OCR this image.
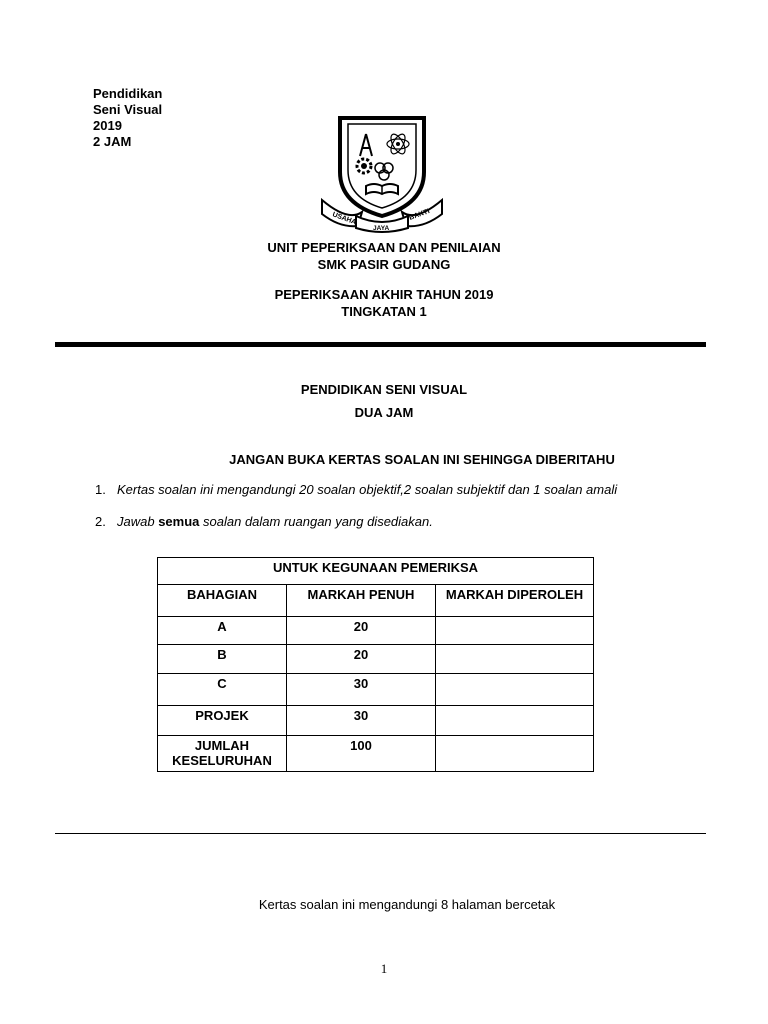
Pendidikan
Seni Visual
2019
2 JAM
USAHA
JAYA
BAKTI
UNIT PEPERIKSAAN DAN PENILAIAN
SMK PASIR GUDANG
PEPERIKSAAN AKHIR TAHUN 2019
TINGKATAN 1
PENDIDIKAN SENI VISUAL
DUA JAM
JANGAN BUKA KERTAS SOALAN INI SEHINGGA DIBERITAHU
1. Kertas soalan ini mengandungi 20 soalan objektif,2 soalan subjektif dan 1 soalan amali
2. Jawab semua soalan dalam ruangan yang disediakan.
UNTUK KEGUNAAN PEMERIKSA		
BAHAGIAN	MARKAH PENUH	MARKAH DIPEROLEH
A	20	
B	20	
C	30	
PROJEK	30	
JUMLAH KESELURUHAN	100	
Kertas soalan ini mengandungi 8 halaman bercetak
1
